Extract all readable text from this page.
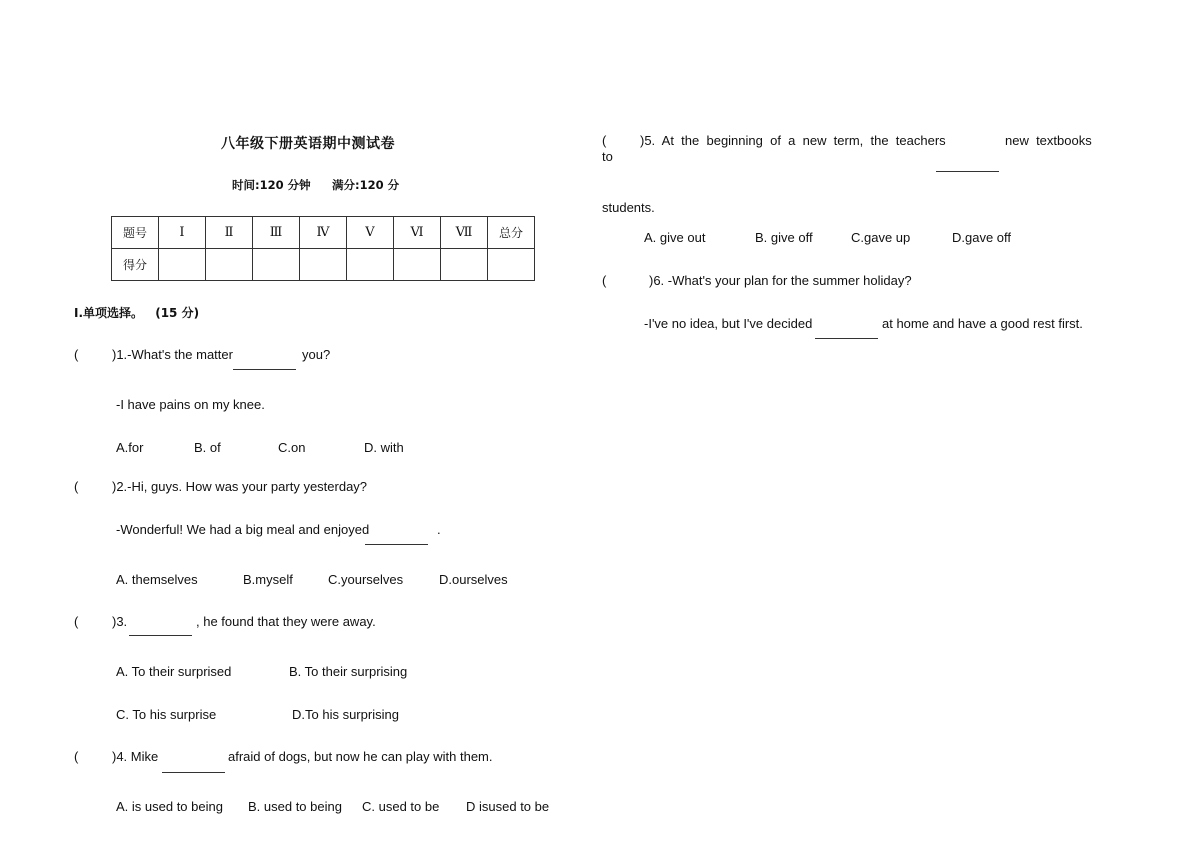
八年级下册英语期中测试卷
时间:120 分钟 满分:120 分
题号	Ⅰ	Ⅱ	Ⅲ	Ⅳ	Ⅴ	Ⅵ	Ⅶ	总分
得分								
Ⅰ.单项选择。 (15 分)
(	)1.-What's the matter	you?
-I have pains on my knee.
A.for	B. of	C.on	D. with
(	)2.-Hi, guys. How was your party yesterday?
-Wonderful! We had a big meal and enjoyed	.
A. themselves	B.myself	C.yourselves	D.ourselves
(	)3.	, he found that they were away.
A. To their surprised	B. To their surprising
C. To his surprise	D.To his surprising
(	)4. Mike	afraid of dogs, but now he can play with them.
A. is used to being B. used to being C. used to be D isused to be
(	)5.  At  the  beginning  of  a  new  term,  the  teachers	new  textbooks
to
students.
A. give out	B. give off	C.gave up	D.gave off
(	)6. -What's your plan for the summer holiday?
-I've no idea, but I've decided	at home and have a good rest first.
